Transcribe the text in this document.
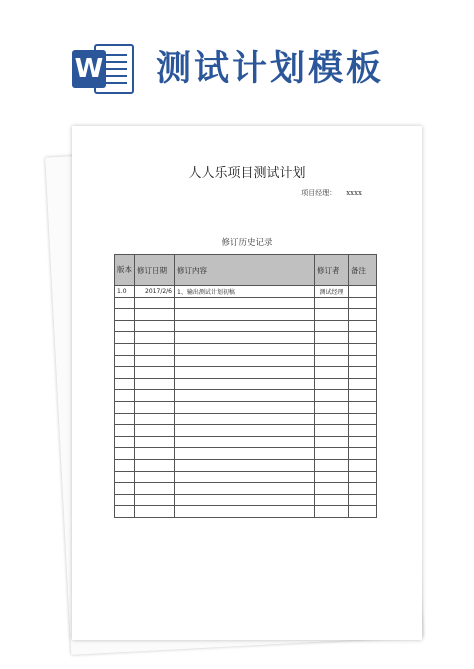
W 测试计划模板
人人乐项目测试计划
项目经理： xxxx
修订历史记录
版本	修订日期	修订内容	修订者	备注
1.0	2017/2/6	1、输出测试计划初稿	测试经理	
